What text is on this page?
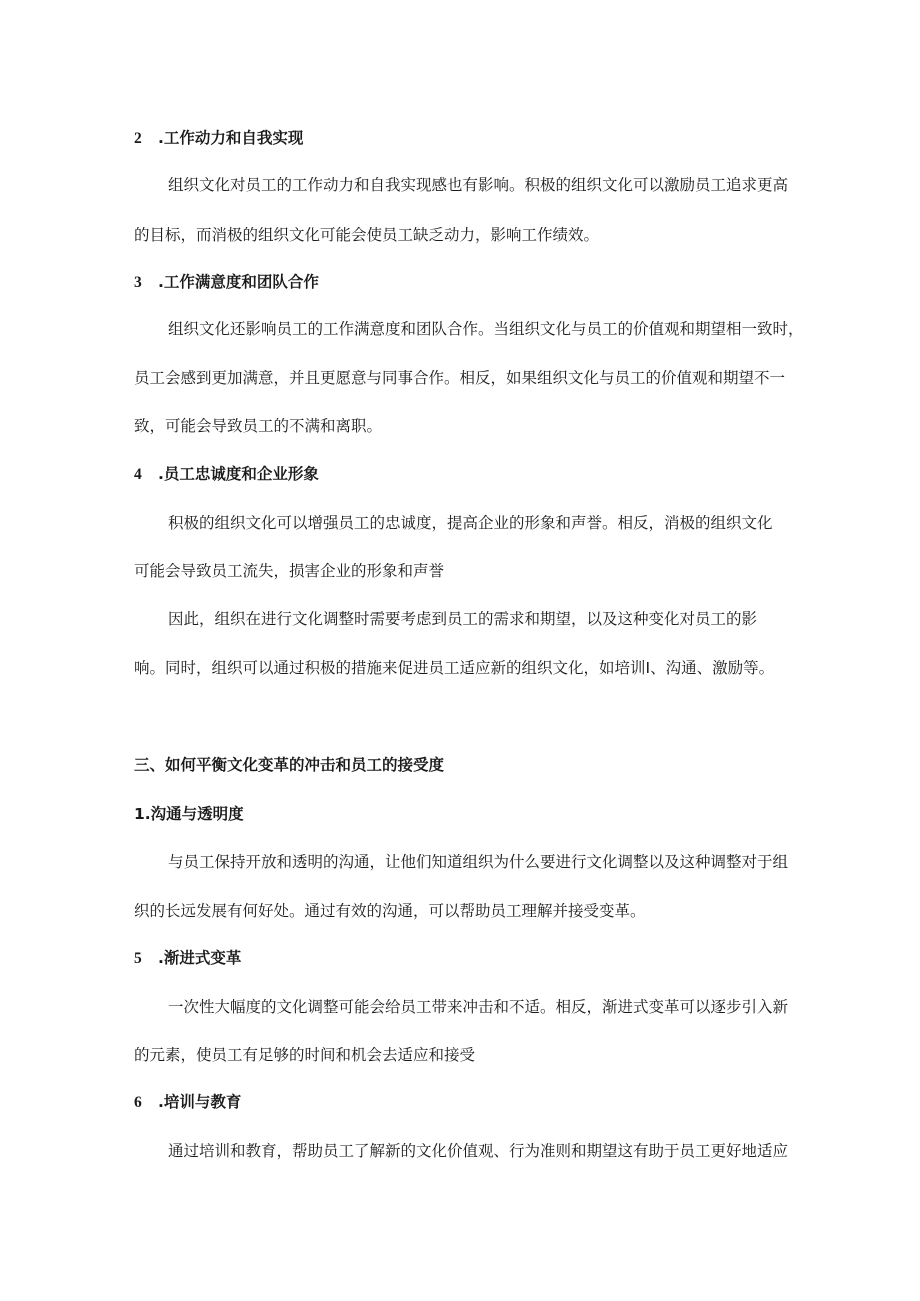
2 .工作动力和自我实现
组织文化对员工的工作动力和自我实现感也有影响。积极的组织文化可以激励员工追求更高
的目标，而消极的组织文化可能会使员工缺乏动力，影响工作绩效。
3 .工作满意度和团队合作
组织文化还影响员工的工作满意度和团队合作。当组织文化与员工的价值观和期望相一致时，
员工会感到更加满意，并且更愿意与同事合作。相反，如果组织文化与员工的价值观和期望不一
致，可能会导致员工的不满和离职。
4 .员工忠诚度和企业形象
积极的组织文化可以增强员工的忠诚度，提高企业的形象和声誉。相反，消极的组织文化
可能会导致员工流失，损害企业的形象和声誉
因此，组织在进行文化调整时需要考虑到员工的需求和期望，以及这种变化对员工的影
响。同时，组织可以通过积极的措施来促进员工适应新的组织文化，如培训Ⅰ、沟通、激励等。
三、如何平衡文化变革的冲击和员工的接受度
1.沟通与透明度
与员工保持开放和透明的沟通，让他们知道组织为什么要进行文化调整以及这种调整对于组
织的长远发展有何好处。通过有效的沟通，可以帮助员工理解并接受变革。
5 .渐进式变革
一次性大幅度的文化调整可能会给员工带来冲击和不适。相反，渐进式变革可以逐步引入新
的元素，使员工有足够的时间和机会去适应和接受
6 .培训与教育
通过培训和教育，帮助员工了解新的文化价值观、行为准则和期望这有助于员工更好地适应
